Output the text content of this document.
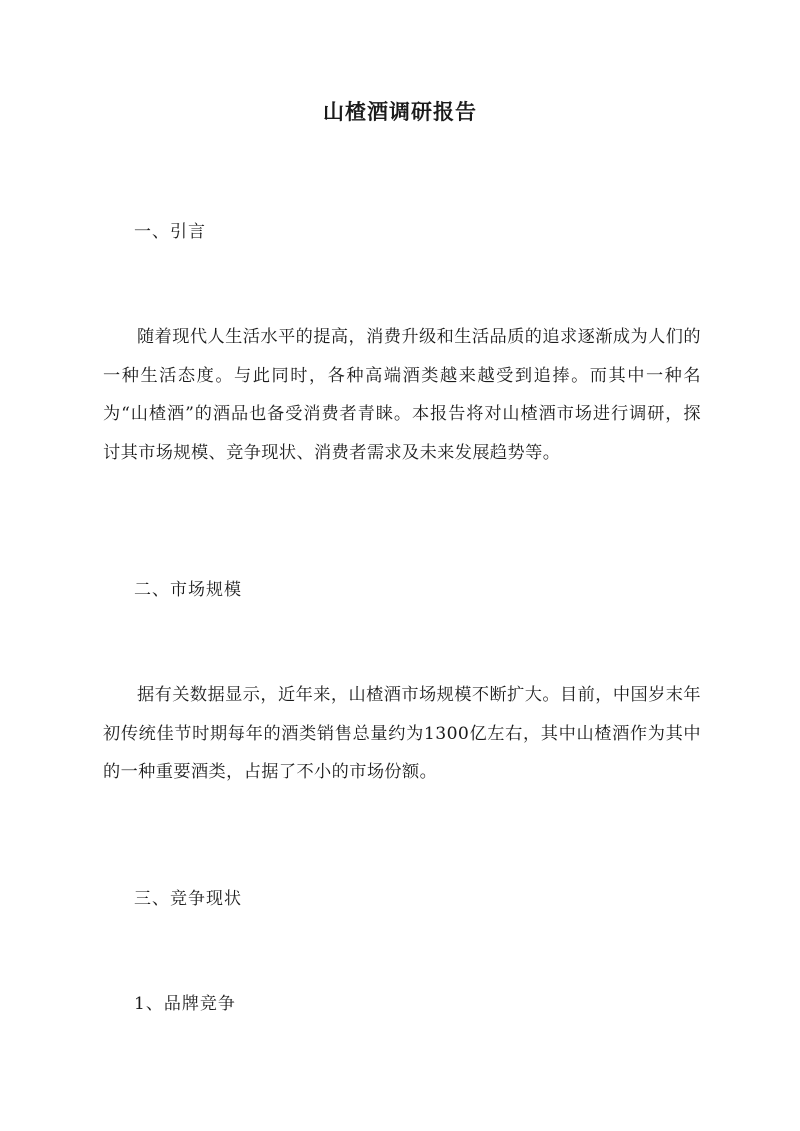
山楂酒调研报告
一、引言
随着现代人生活水平的提高，消费升级和生活品质的追求逐渐成为人们的一种生活态度。与此同时，各种高端酒类越来越受到追捧。而其中一种名为“山楂酒”的酒品也备受消费者青睐。本报告将对山楂酒市场进行调研，探讨其市场规模、竞争现状、消费者需求及未来发展趋势等。
二、市场规模
据有关数据显示，近年来，山楂酒市场规模不断扩大。目前，中国岁末年初传统佳节时期每年的酒类销售总量约为1300亿左右，其中山楂酒作为其中的一种重要酒类，占据了不小的市场份额。
三、竞争现状
1、品牌竞争
